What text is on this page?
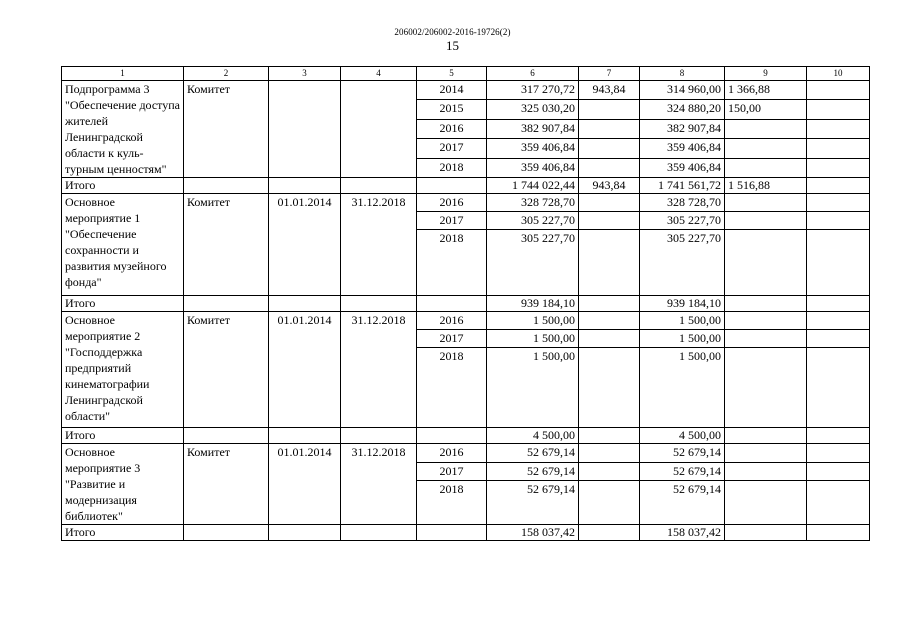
206002/206002-2016-19726(2)
15
1	2	3	4	5	6	7	8	9	10
Подпрограмма 3 "Обеспечение доступа жителей Ленинградской области к куль-турным ценностям"	Комитет			2014	317 270,72	943,84	314 960,00	1 366,88	
				2015	325 030,20		324 880,20	150,00	
				2016	382 907,84		382 907,84		
				2017	359 406,84		359 406,84		
				2018	359 406,84		359 406,84		
Итого					1 744 022,44	943,84	1 741 561,72	1 516,88	
Основное мероприятие 1 "Обеспечение сохранности и развития музейного фонда"	Комитет	01.01.2014	31.12.2018	2016	328 728,70		328 728,70		
				2017	305 227,70		305 227,70		
				2018	305 227,70		305 227,70		
Итого					939 184,10		939 184,10		
Основное мероприятие 2 "Господдержка предприятий кинематографии Ленинградской области"	Комитет	01.01.2014	31.12.2018	2016	1 500,00		1 500,00		
				2017	1 500,00		1 500,00		
				2018	1 500,00		1 500,00		
Итого					4 500,00		4 500,00		
Основное мероприятие 3 "Развитие и модернизация библиотек"	Комитет	01.01.2014	31.12.2018	2016	52 679,14		52 679,14		
				2017	52 679,14		52 679,14		
				2018	52 679,14		52 679,14		
Итого					158 037,42		158 037,42		
